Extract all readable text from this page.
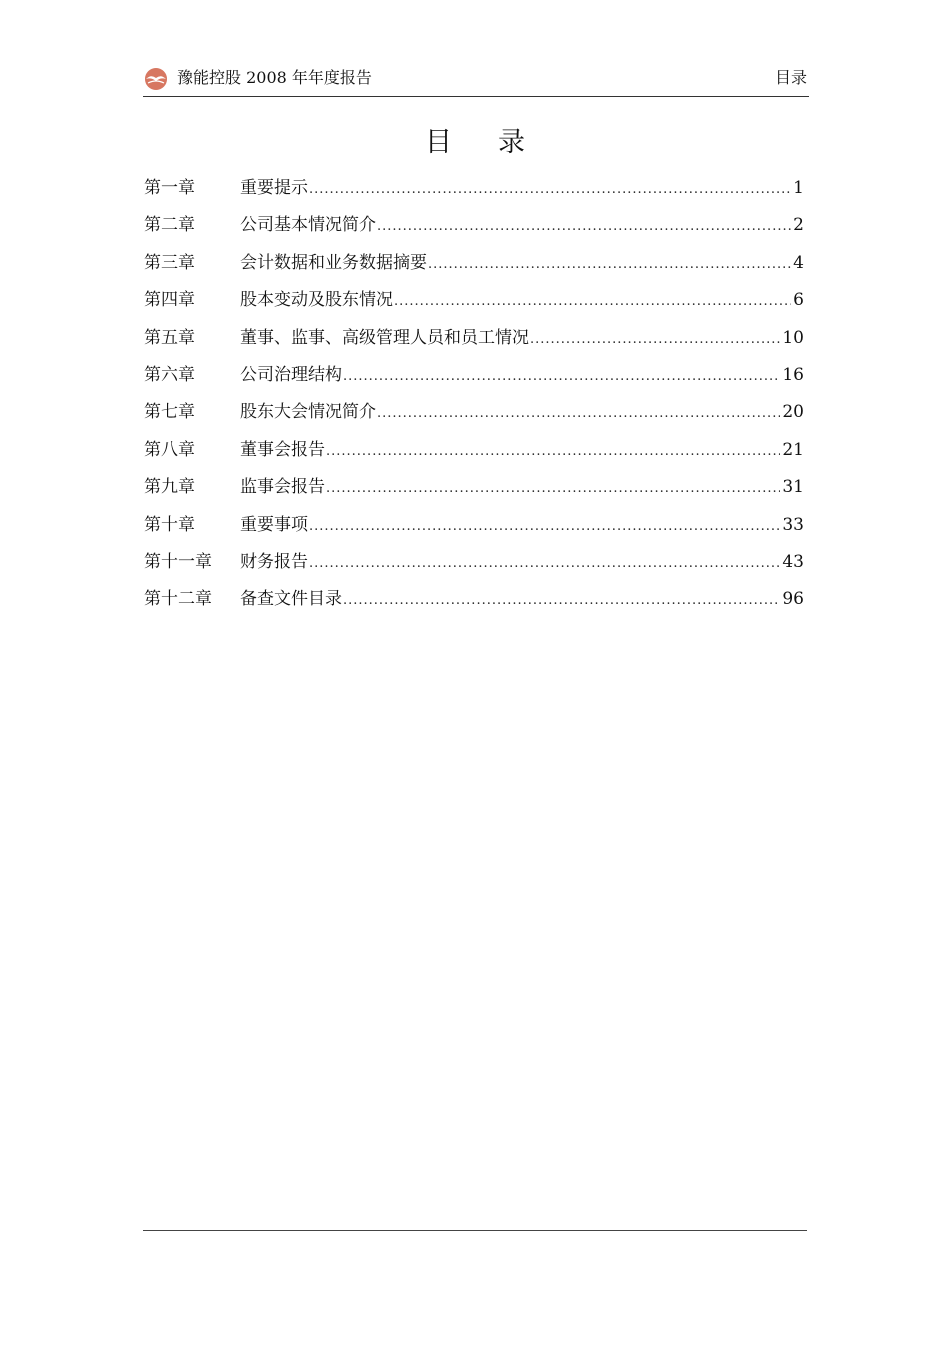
豫能控股 2008 年年度报告	目录
目 录
第一章	重要提示 .....	1
第二章	公司基本情况简介 .....	2
第三章	会计数据和业务数据摘要 .....	4
第四章	股本变动及股东情况 .....	6
第五章	董事、监事、高级管理人员和员工情况 .....	10
第六章	公司治理结构 .....	16
第七章	股东大会情况简介 .....	20
第八章	董事会报告 .....	21
第九章	监事会报告 .....	31
第十章	重要事项 .....	33
第十一章	财务报告 .....	43
第十二章	备查文件目录 .....	96
